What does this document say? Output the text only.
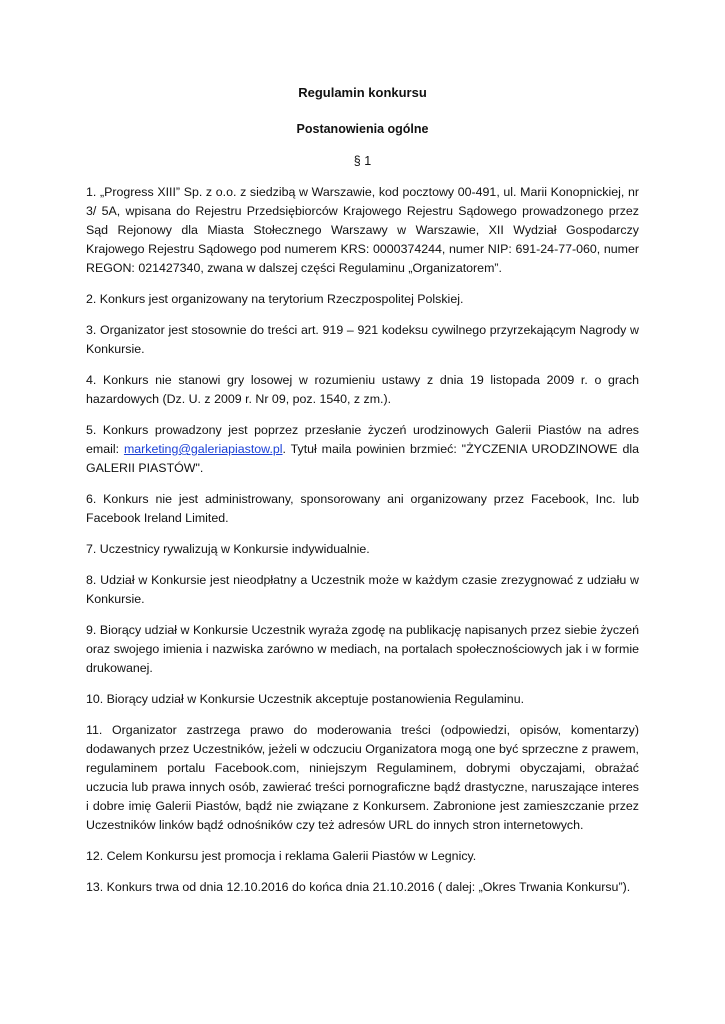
Regulamin konkursu
Postanowienia ogólne
§ 1

1. „Progress XIII” Sp. z o.o. z siedzibą w Warszawie, kod pocztowy 00-491, ul. Marii Konopnickiej, nr 3/ 5A, wpisana do Rejestru Przedsiębiorców Krajowego Rejestru Sądowego prowadzonego przez Sąd Rejonowy dla Miasta Stołecznego Warszawy w Warszawie, XII Wydział Gospodarczy Krajowego Rejestru Sądowego pod numerem KRS: 0000374244, numer NIP: 691-24-77-060, numer REGON: 021427340, zwana w dalszej części Regulaminu „Organizatorem”.

2. Konkurs jest organizowany na terytorium Rzeczpospolitej Polskiej.

3. Organizator jest stosownie do treści art. 919 – 921 kodeksu cywilnego przyrzekającym Nagrody w Konkursie.

4. Konkurs nie stanowi gry losowej w rozumieniu ustawy z dnia 19 listopada 2009 r. o grach hazardowych (Dz. U. z 2009 r. Nr 09, poz. 1540, z zm.).

5. Konkurs prowadzony jest poprzez przesłanie życzeń urodzinowych Galerii Piastów na adres email: marketing@galeriapiastow.pl. Tytuł maila powinien brzmieć: "ŻYCZENIA URODZINOWE dla GALERII PIASTÓW".

6. Konkurs nie jest administrowany, sponsorowany ani organizowany przez Facebook, Inc. lub Facebook Ireland Limited.

7. Uczestnicy rywalizują w Konkursie indywidualnie.

8. Udział w Konkursie jest nieodpłatny a Uczestnik może w każdym czasie zrezygnować z udziału w Konkursie.

9. Biorący udział w Konkursie Uczestnik wyraża zgodę na publikację napisanych przez siebie życzeń oraz swojego imienia i nazwiska zarówno w mediach, na portalach społecznościowych jak i w formie drukowanej.

10. Biorący udział w Konkursie Uczestnik akceptuje postanowienia Regulaminu.

11. Organizator zastrzega prawo do moderowania treści (odpowiedzi, opisów, komentarzy) dodawanych przez Uczestników, jeżeli w odczuciu Organizatora mogą one być sprzeczne z prawem, regulaminem portalu Facebook.com, niniejszym Regulaminem, dobrymi obyczajami, obrażać uczucia lub prawa innych osób, zawierać treści pornograficzne bądź drastyczne, naruszające interes i dobre imię Galerii Piastów, bądź nie związane z Konkursem. Zabronione jest zamieszczanie przez Uczestników linków bądź odnośników czy też adresów URL do innych stron internetowych.

12. Celem Konkursu jest promocja i reklama Galerii Piastów w Legnicy.

13. Konkurs trwa od dnia 12.10.2016 do końca dnia 21.10.2016 ( dalej: „Okres Trwania Konkursu”).
